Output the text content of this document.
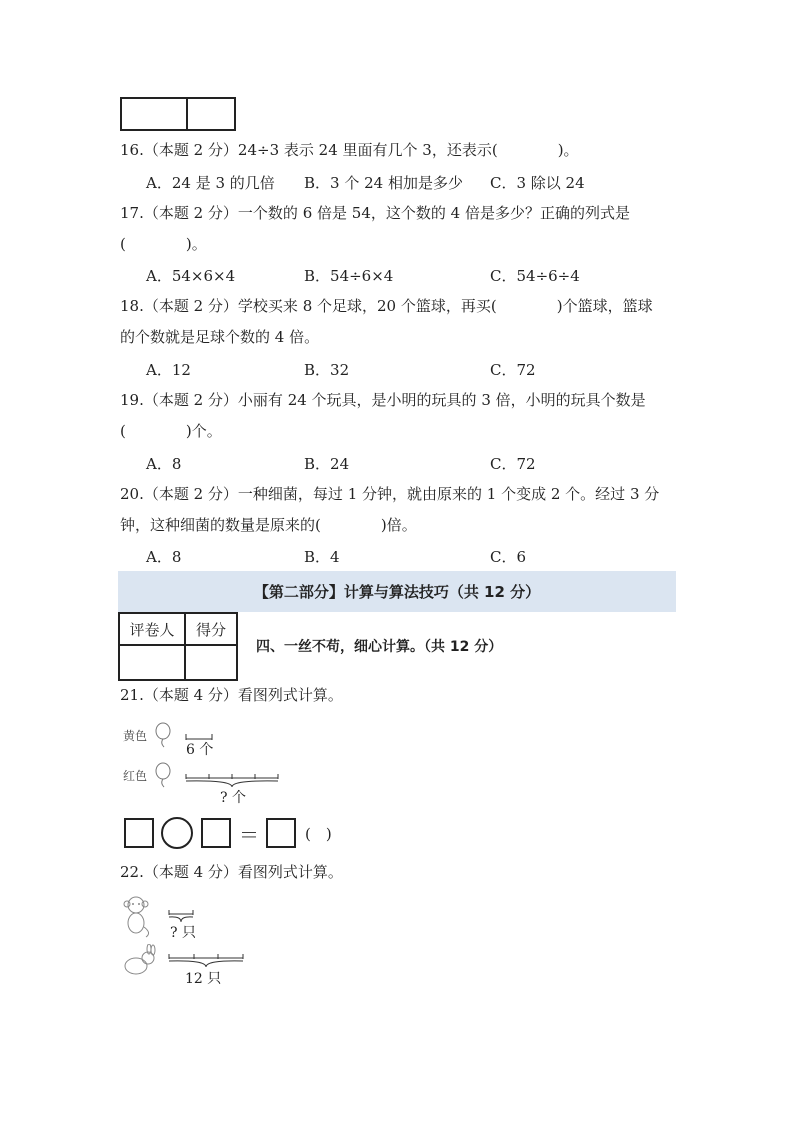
16.（本题 2 分）24÷3 表示 24 里面有几个 3，还表示(　　　　)。
A．24 是 3 的几倍 B．3 个 24 相加是多少 C．3 除以 24
17.（本题 2 分）一个数的 6 倍是 54，这个数的 4 倍是多少？正确的列式是
(　　　　)。
A．54×6×4	B．54÷6×4	C．54÷6÷4
18.（本题 2 分）学校买来 8 个足球，20 个篮球，再买(　　　　)个篮球，篮球
的个数就是足球个数的 4 倍。
A．12	B．32	C．72
19.（本题 2 分）小丽有 24 个玩具，是小明的玩具的 3 倍，小明的玩具个数是
(　　　　)个。
A．8	B．24	C．72
20.（本题 2 分）一种细菌，每过 1 分钟，就由原来的 1 个变成 2 个。经过 3 分
钟，这种细菌的数量是原来的(　　　　)倍。
A．8	B．4	C．6
【第二部分】计算与算法技巧（共 12 分）
评卷人	得分

四、一丝不苟，细心计算。（共 12 分）
21.（本题 4 分）看图列式计算。
黄色
6 个
红色
? 个
＝	(　)
22.（本题 4 分）看图列式计算。
? 只
12 只
